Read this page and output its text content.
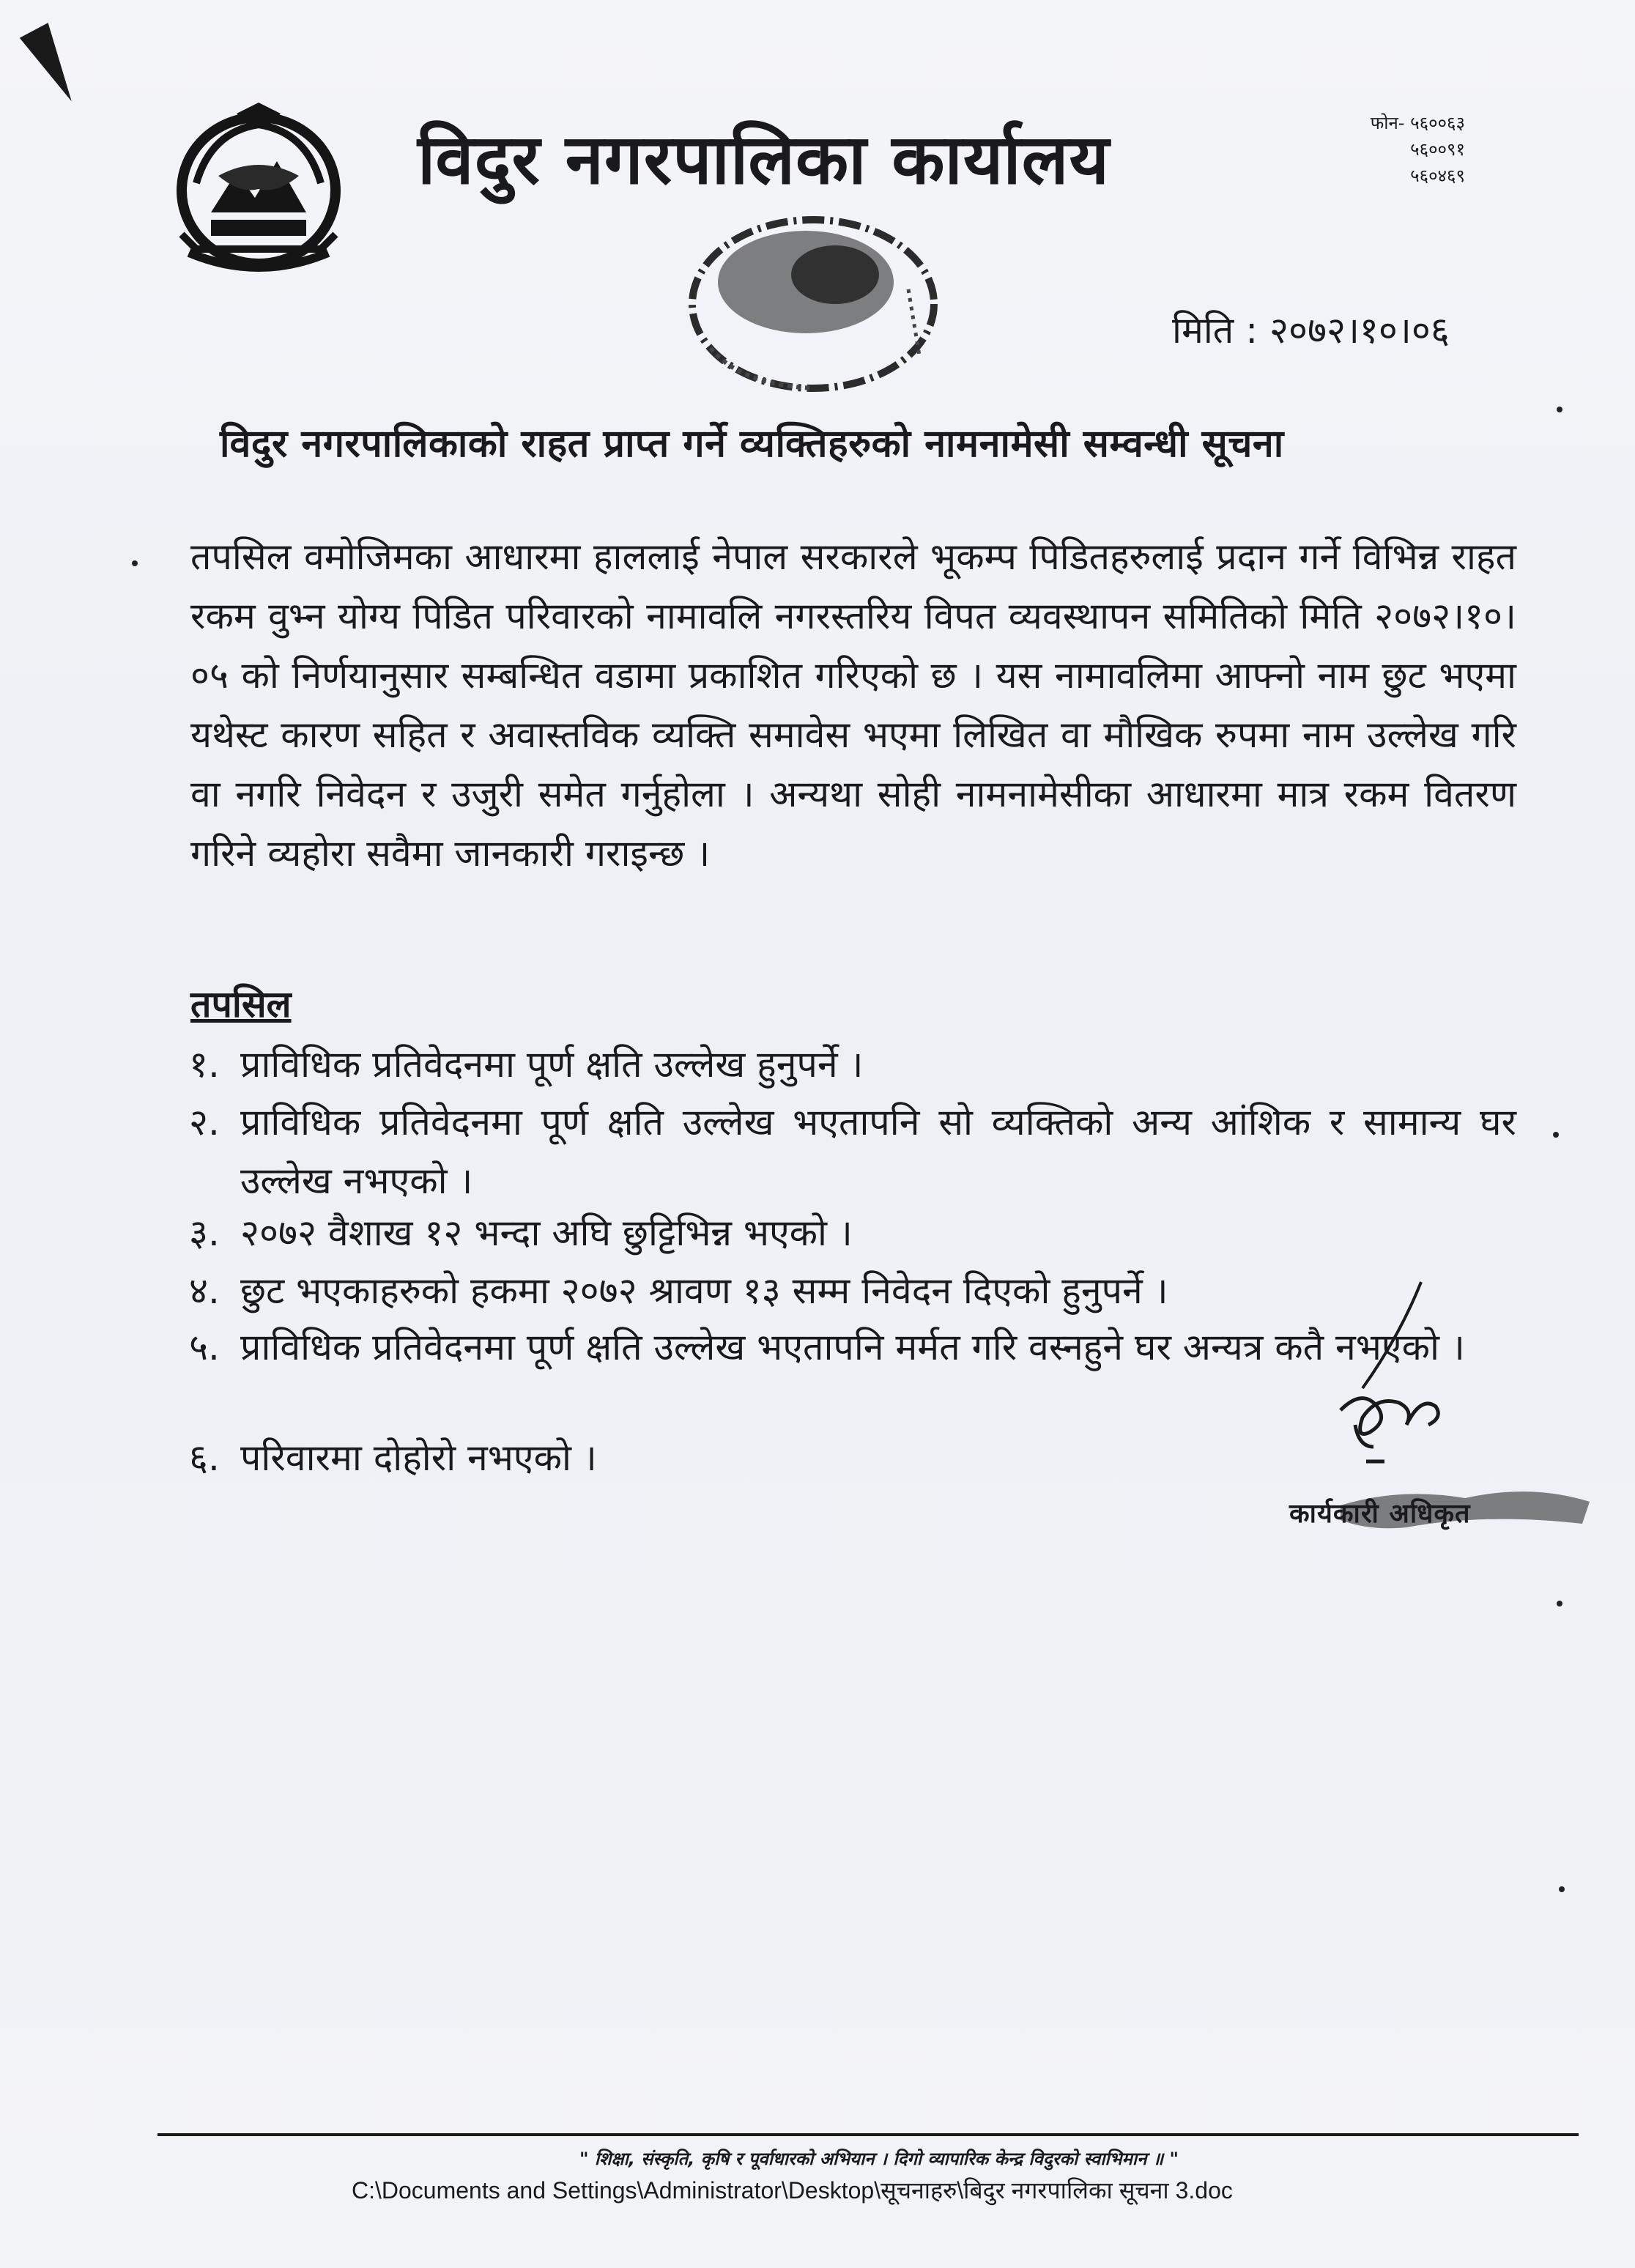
विदुर नगरपालिका कार्यालय	फोन- ५६००६३
५६००९१
५६०४६९
मिति : २०७२।१०।०६
विदुर नगरपालिकाको राहत प्राप्त गर्ने व्यक्तिहरुको नामनामेसी सम्वन्धी सूचना
तपसिल वमोजिमका आधारमा हाललाई नेपाल सरकारले भूकम्प पिडितहरुलाई प्रदान गर्ने विभिन्न राहत रकम वुभ्न योग्य पिडित परिवारको नामावलि नगरस्तरिय विपत व्यवस्थापन समितिको मिति २०७२।१०।०५ को निर्णयानुसार सम्बन्धित वडामा प्रकाशित गरिएको छ । यस नामावलिमा आफ्नो नाम छुट भएमा यथेस्ट कारण सहित र अवास्तविक व्यक्ति समावेस भएमा लिखित वा मौखिक रुपमा नाम उल्लेख गरि वा नगरि निवेदन र उजुरी समेत गर्नुहोला । अन्यथा सोही नामनामेसीका आधारमा मात्र रकम वितरण गरिने व्यहोरा सवैमा जानकारी गराइन्छ ।
तपसिल
१. प्राविधिक प्रतिवेदनमा पूर्ण क्षति उल्लेख हुनुपर्ने ।
२. प्राविधिक प्रतिवेदनमा पूर्ण क्षति उल्लेख भएतापनि सो व्यक्तिको अन्य आंशिक र सामान्य घर उल्लेख नभएको ।
३. २०७२ वैशाख १२ भन्दा अघि छुट्टिभिन्न भएको ।
४. छुट भएकाहरुको हकमा २०७२ श्रावण १३ सम्म निवेदन दिएको हुनुपर्ने ।
५. प्राविधिक प्रतिवेदनमा पूर्ण क्षति उल्लेख भएतापनि मर्मत गरि वस्नहुने घर अन्यत्र कतै नभएको ।
६. परिवारमा दोहोरो नभएको ।
कार्यकारी अधिकृत
" शिक्षा, संस्कृति, कृषि र पूर्वाधारको अभियान । दिगो व्यापारिक केन्द्र विदुरको स्वाभिमान ॥ "
C:\Documents and Settings\Administrator\Desktop\सूचनाहरु\बिदुर नगरपालिका सूचना 3.doc
